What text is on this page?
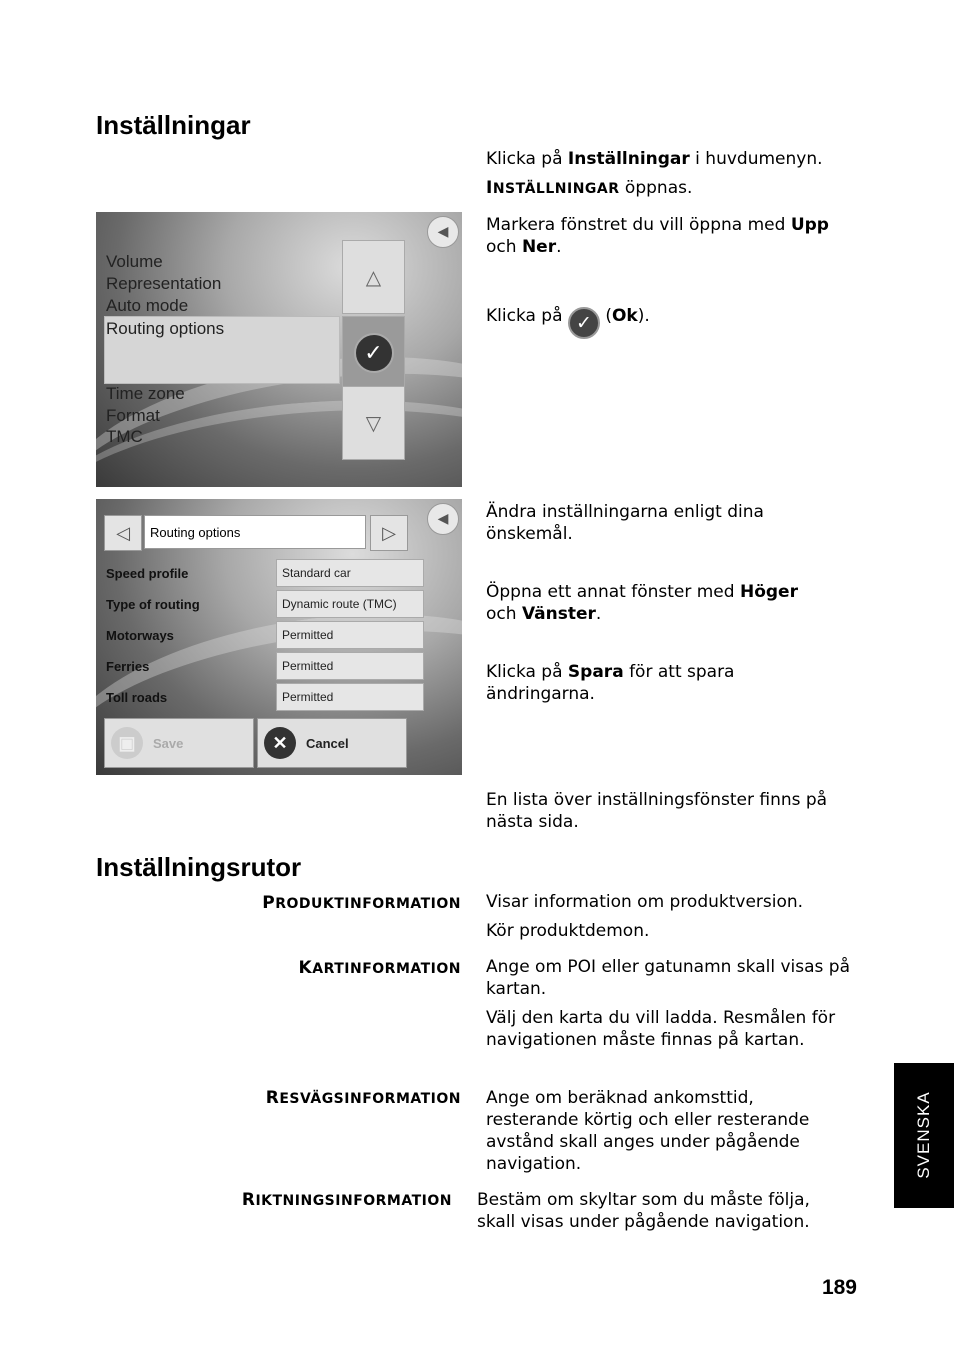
Inställningar
Klicka på Inställningar i huvdumenyn.
INSTÄLLNINGAR öppnas.
◀
Volume
Representation
Auto mode
Routing options
Time zone
Format
TMC
△
✓
▽
Markera fönstret du vill öppna med Upp
och Ner.
Klicka på ✓ (Ok).
◀
◁	Routing options	▷
Speed profile	Standard car
Type of routing	Dynamic route (TMC)
Motorways	Permitted
Ferries	Permitted
Toll roads	Permitted
▣	Save	✕	Cancel
Ändra inställningarna enligt dina önskemål.
Öppna ett annat fönster med Höger
och Vänster.
Klicka på Spara för att spara ändringarna.
En lista över inställningsfönster finns på nästa sida.
Inställningsrutor
PRODUKTINFORMATION Visar information om produktversion.
Kör produktdemon.
KARTINFORMATION Ange om POI eller gatunamn skall visas på kartan.
Välj den karta du vill ladda. Resmålen för navigationen måste finnas på kartan.
RESVÄGSINFORMATION Ange om beräknad ankomsttid, resterande körtig och eller resterande avstånd skall anges under pågående navigation.
RIKTNINGSINFORMATION Bestäm om skyltar som du måste följa, skall visas under pågående navigation.
SVENSKA
189
